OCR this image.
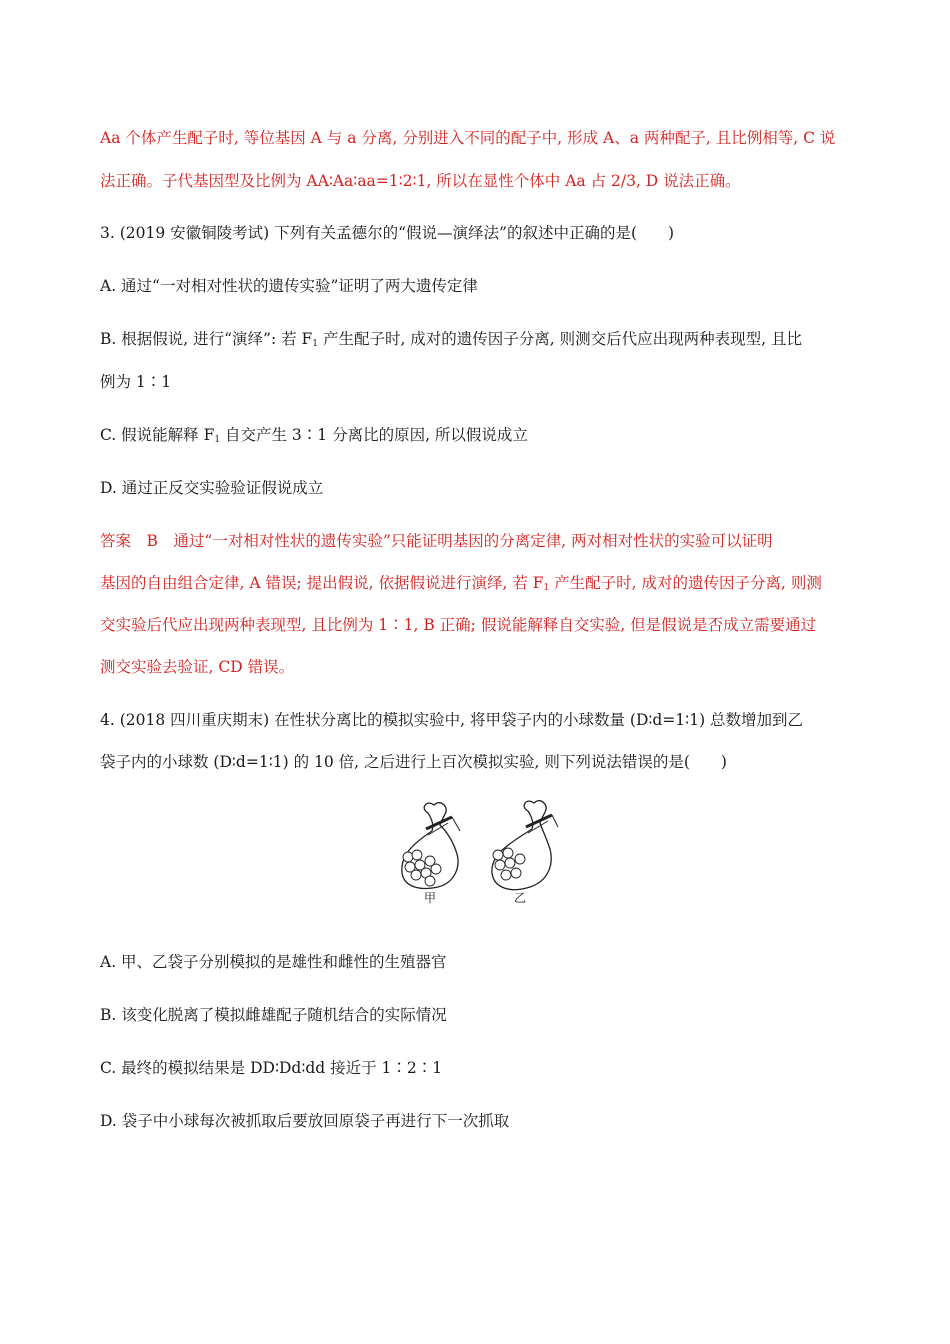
Aa 个体产生配子时, 等位基因 A 与 a 分离, 分别进入不同的配子中, 形成 A、a 两种配子, 且比例相等, C 说
法正确。子代基因型及比例为 AA∶Aa∶aa=1∶2∶1, 所以在显性个体中 Aa 占 2/3, D 说法正确。
3. (2019 安徽铜陵考试) 下列有关孟德尔的“假说—演绎法”的叙述中正确的是(　　)
A. 通过“一对相对性状的遗传实验”证明了两大遗传定律
B. 根据假说, 进行“演绎”: 若 $F_1$ 产生配子时, 成对的遗传因子分离, 则测交后代应出现两种表现型, 且比
例为 1∶1
C. 假说能解释 $F_1$ 自交产生 3∶1 分离比的原因, 所以假说成立
D. 通过正反交实验验证假说成立
答案　B　通过“一对相对性状的遗传实验”只能证明基因的分离定律, 两对相对性状的实验可以证明
基因的自由组合定律, A 错误; 提出假说, 依据假说进行演绎, 若 $F_1$ 产生配子时, 成对的遗传因子分离, 则测
交实验后代应出现两种表现型, 且比例为 1∶1, B 正确; 假说能解释自交实验, 但是假说是否成立需要通过
测交实验去验证, CD 错误。
4. (2018 四川重庆期末) 在性状分离比的模拟实验中, 将甲袋子内的小球数量 (D∶d=1∶1) 总数增加到乙
袋子内的小球数 (D∶d=1∶1) 的 10 倍, 之后进行上百次模拟实验, 则下列说法错误的是(　　)
甲	乙
A. 甲、乙袋子分别模拟的是雄性和雌性的生殖器官
B. 该变化脱离了模拟雌雄配子随机结合的实际情况
C. 最终的模拟结果是 DD∶Dd∶dd 接近于 1∶2∶1
D. 袋子中小球每次被抓取后要放回原袋子再进行下一次抓取
